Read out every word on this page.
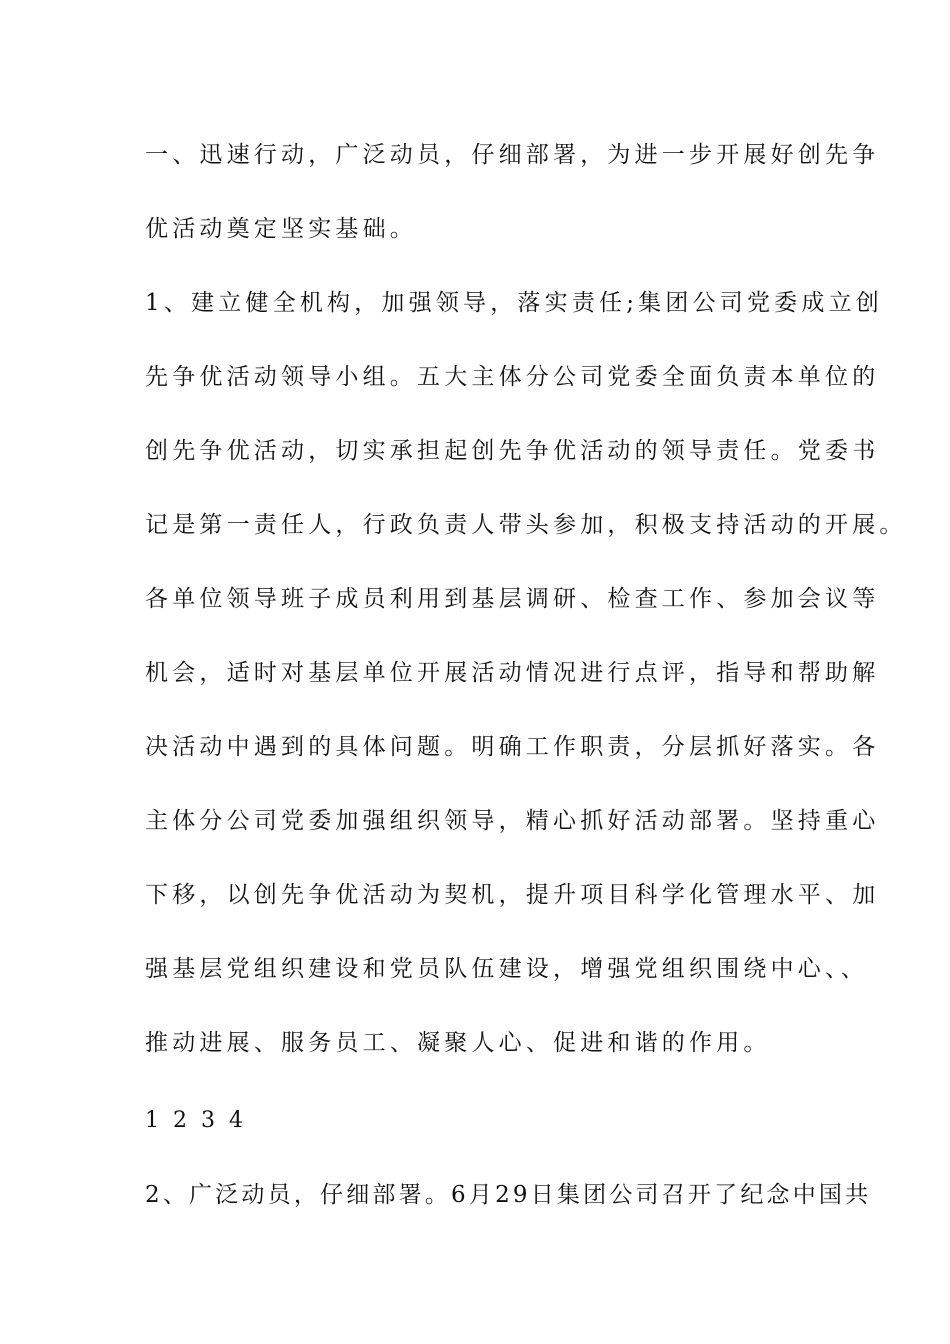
一、迅速行动，广泛动员，仔细部署，为进一步开展好创先争
优活动奠定坚实基础。
1、建立健全机构，加强领导，落实责任;集团公司党委成立创
先争优活动领导小组。五大主体分公司党委全面负责本单位的
创先争优活动，切实承担起创先争优活动的领导责任。党委书
记是第一责任人，行政负责人带头参加，积极支持活动的开展。
各单位领导班子成员利用到基层调研、检查工作、参加会议等
机会，适时对基层单位开展活动情况进行点评，指导和帮助解
决活动中遇到的具体问题。明确工作职责，分层抓好落实。各
主体分公司党委加强组织领导，精心抓好活动部署。坚持重心
下移，以创先争优活动为契机，提升项目科学化管理水平、加
强基层党组织建设和党员队伍建设，增强党组织围绕中心、、
推动进展、服务员工、凝聚人心、促进和谐的作用。
1 2 3 4
2、广泛动员，仔细部署。6月29日集团公司召开了纪念中国共
